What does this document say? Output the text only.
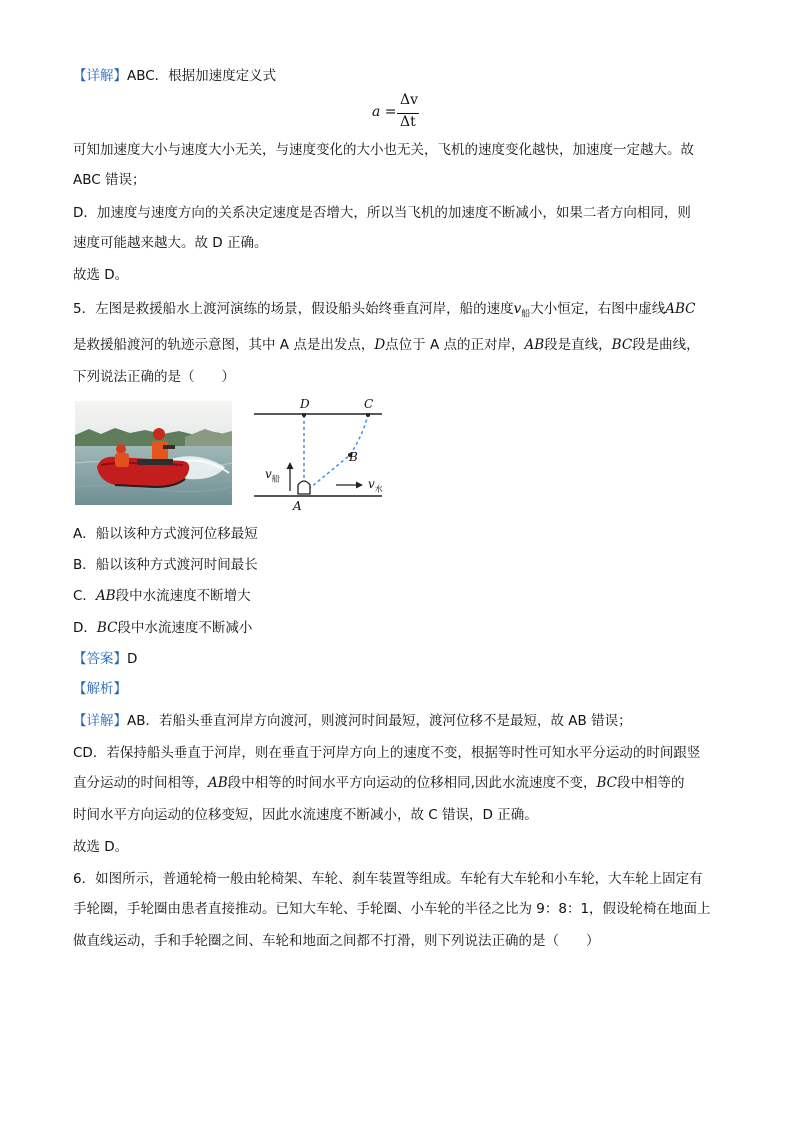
【详解】ABC．根据加速度定义式
a =
Δv
Δt
可知加速度大小与速度大小无关，与速度变化的大小也无关，飞机的速度变化越快，加速度一定越大。故
ABC 错误；
D．加速度与速度方向的关系决定速度是否增大，所以当飞机的加速度不断减小，如果二者方向相同，则
速度可能越来越大。故 D 正确。
故选 D。
5．左图是救援船水上渡河演练的场景，假设船头始终垂直河岸，船的速度$v_船$大小恒定，右图中虚线ABC
是救援船渡河的轨迹示意图，其中 A 点是出发点，D点位于 A 点的正对岸，AB段是直线，BC段是曲线，
下列说法正确的是（　　）
D	C
B
A
$v_船$	$v_水$
A．船以该种方式渡河位移最短
B．船以该种方式渡河时间最长
C．AB段中水流速度不断增大
D．BC段中水流速度不断减小
【答案】D
【解析】
【详解】AB．若船头垂直河岸方向渡河，则渡河时间最短，渡河位移不是最短，故 AB 错误；
CD．若保持船头垂直于河岸，则在垂直于河岸方向上的速度不变，根据等时性可知水平分运动的时间跟竖
直分运动的时间相等，AB段中相等的时间水平方向运动的位移相同,因此水流速度不变，BC段中相等的
时间水平方向运动的位移变短，因此水流速度不断减小，故 C 错误，D 正确。
故选 D。
6．如图所示，普通轮椅一般由轮椅架、车轮、刹车装置等组成。车轮有大车轮和小车轮，大车轮上固定有
手轮圈，手轮圈由患者直接推动。已知大车轮、手轮圈、小车轮的半径之比为 9：8：1，假设轮椅在地面上
做直线运动，手和手轮圈之间、车轮和地面之间都不打滑，则下列说法正确的是（　　）
